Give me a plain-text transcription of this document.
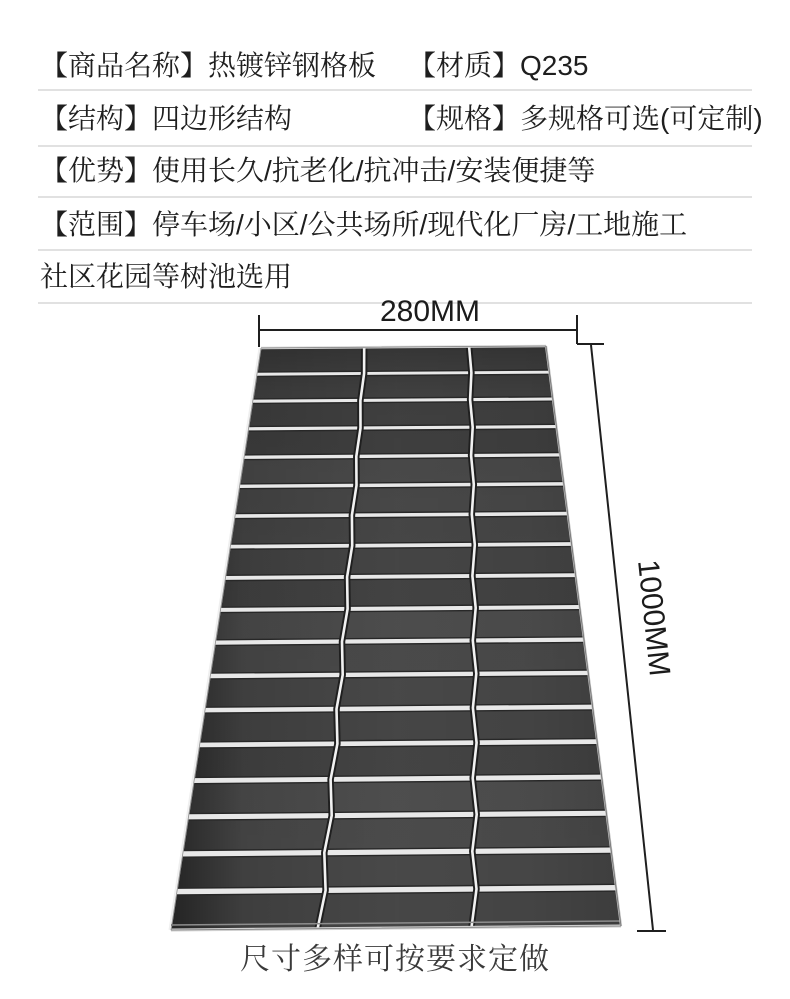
【商品名称】热镀锌钢格板 【材质】Q235
【结构】四边形结构	【规格】多规格可选(可定制)
【优势】使用长久/抗老化/抗冲击/安装便捷等
【范围】停车场/小区/公共场所/现代化厂房/工地施工
社区花园等树池选用
280MM
1000MM
尺寸多样可按要求定做
